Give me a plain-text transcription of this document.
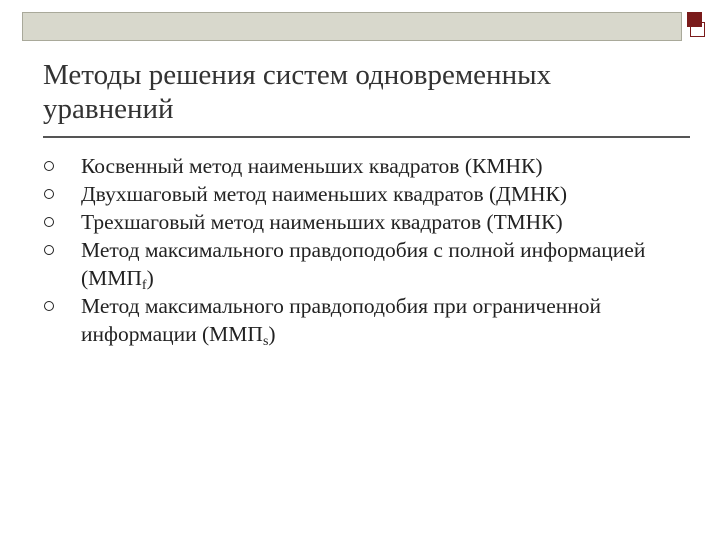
Методы решения систем одновременных уравнений
Косвенный метод наименьших квадратов (КМНК)
Двухшаговый метод наименьших квадратов (ДМНК)
Трехшаговый метод наименьших квадратов (ТМНК)
Метод максимального правдоподобия с полной информацией $(ММП_f)$
Метод максимального правдоподобия при ограниченной информации $(ММП_s)$
